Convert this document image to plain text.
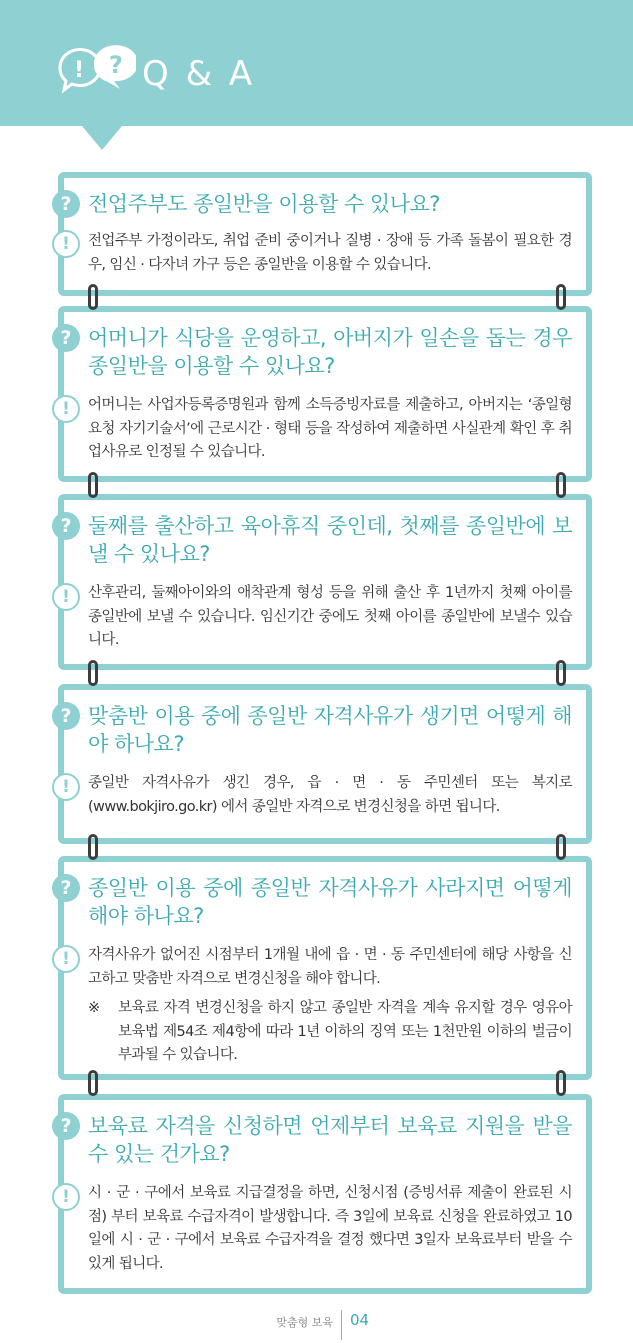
! ? Q & A
? 전업주부도 종일반을 이용할 수 있나요?
!	전업주부 가정이라도, 취업 준비 중이거나 질병 · 장애 등 가족 돌봄이 필요한 경우, 임신 · 다자녀 가구 등은 종일반을 이용할 수 있습니다.
? 어머니가 식당을 운영하고, 아버지가 일손을 돕는 경우 종일반을 이용할 수 있나요?
!	어머니는 사업자등록증명원과 함께 소득증빙자료를 제출하고, 아버지는 ‘종일형 요청 자기기술서’에 근로시간 · 형태 등을 작성하여 제출하면 사실관계 확인 후 취업사유로 인정될 수 있습니다.
? 둘째를 출산하고 육아휴직 중인데, 첫째를 종일반에 보낼 수 있나요?
!	산후관리, 둘째아이와의 애착관계 형성 등을 위해 출산 후 1년까지 첫째 아이를 종일반에 보낼 수 있습니다. 임신기간 중에도 첫째 아이를 종일반에 보낼수 있습니다.
? 맞춤반 이용 중에 종일반 자격사유가 생기면 어떻게 해야 하나요?
!	종일반 자격사유가 생긴 경우, 읍 · 면 · 동 주민센터 또는 복지로 (www.bokjiro.go.kr) 에서 종일반 자격으로 변경신청을 하면 됩니다.
? 종일반 이용 중에 종일반 자격사유가 사라지면 어떻게 해야 하나요?
!	자격사유가 없어진 시점부터 1개월 내에 읍 · 면 · 동 주민센터에 해당 사항을 신고하고 맞춤반 자격으로 변경신청을 해야 합니다.
※ 보육료 자격 변경신청을 하지 않고 종일반 자격을 계속 유지할 경우 영유아보육법 제54조 제4항에 따라 1년 이하의 징역 또는 1천만원 이하의 벌금이 부과될 수 있습니다.
? 보육료 자격을 신청하면 언제부터 보육료 지원을 받을 수 있는 건가요?
!	시 · 군 · 구에서 보육료 지급결정을 하면, 신청시점 (증빙서류 제출이 완료된 시점) 부터 보육료 수급자격이 발생합니다. 즉 3일에 보육료 신청을 완료하였고 10일에 시 · 군 · 구에서 보육료 수급자격을 결정 했다면 3일자 보육료부터 받을 수 있게 됩니다.
맞춤형 보육 04
